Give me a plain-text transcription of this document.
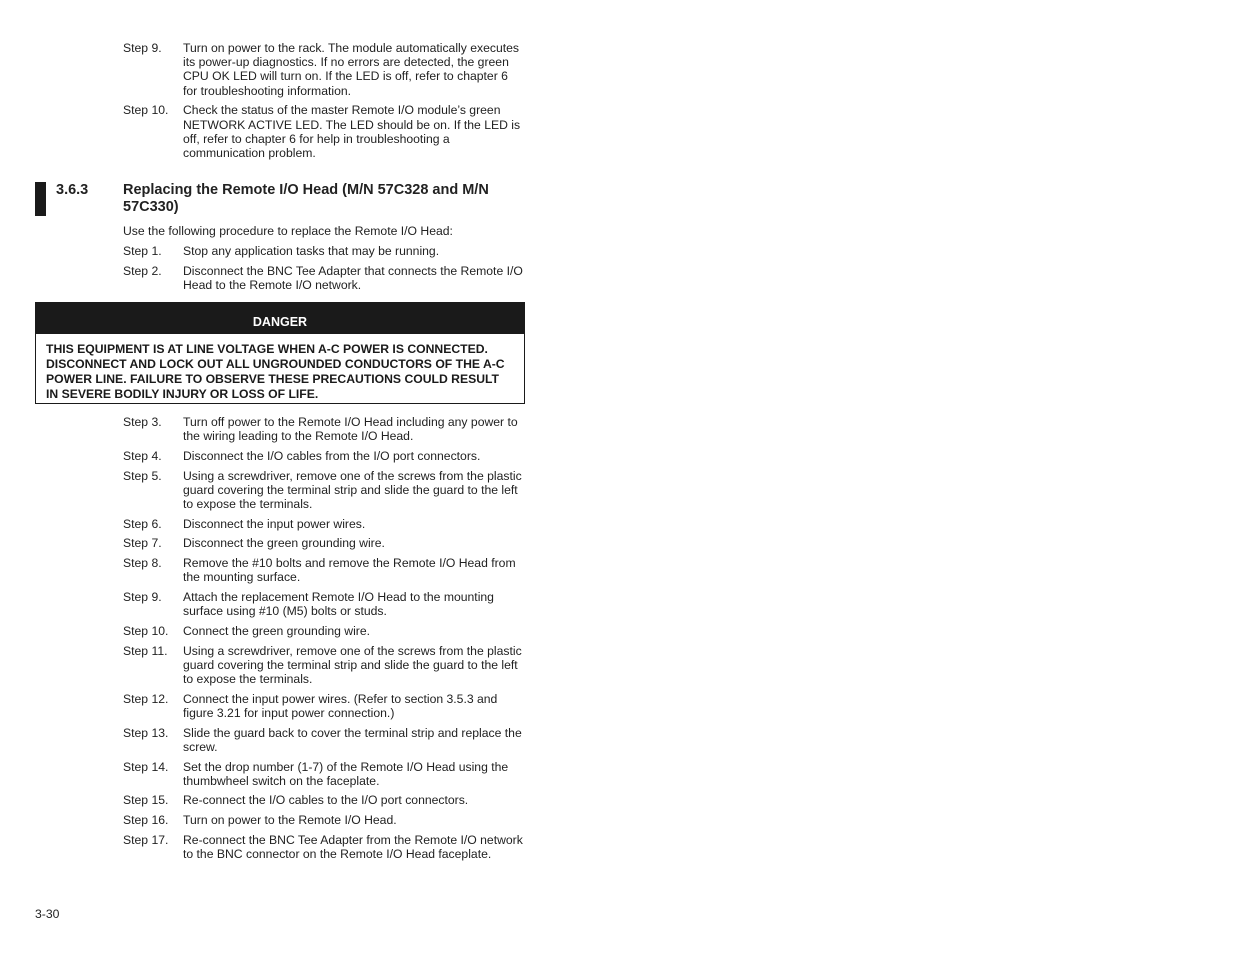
Step 9.	Turn on power to the rack. The module automatically executes its power-up diagnostics. If no errors are detected, the green CPU OK LED will turn on. If the LED is off, refer to chapter 6 for troubleshooting information.
Step 10.	Check the status of the master Remote I/O module’s green NETWORK ACTIVE LED. The LED should be on. If the LED is off, refer to chapter 6 for help in troubleshooting a communication problem.
3.6.3 Replacing the Remote I/O Head (M/N 57C328 and M/N 57C330)
Use the following procedure to replace the Remote I/O Head:
Step 1.	Stop any application tasks that may be running.
Step 2.	Disconnect the BNC Tee Adapter that connects the Remote I/O Head to the Remote I/O network.
DANGER
THIS EQUIPMENT IS AT LINE VOLTAGE WHEN A-C POWER IS CONNECTED. DISCONNECT AND LOCK OUT ALL UNGROUNDED CONDUCTORS OF THE A-C POWER LINE. FAILURE TO OBSERVE THESE PRECAUTIONS COULD RESULT IN SEVERE BODILY INJURY OR LOSS OF LIFE.
Step 3.	Turn off power to the Remote I/O Head including any power to the wiring leading to the Remote I/O Head.
Step 4.	Disconnect the I/O cables from the I/O port connectors.
Step 5.	Using a screwdriver, remove one of the screws from the plastic guard covering the terminal strip and slide the guard to the left to expose the terminals.
Step 6.	Disconnect the input power wires.
Step 7.	Disconnect the green grounding wire.
Step 8.	Remove the #10 bolts and remove the Remote I/O Head from the mounting surface.
Step 9.	Attach the replacement Remote I/O Head to the mounting surface using #10 (M5) bolts or studs.
Step 10.	Connect the green grounding wire.
Step 11.	Using a screwdriver, remove one of the screws from the plastic guard covering the terminal strip and slide the guard to the left to expose the terminals.
Step 12.	Connect the input power wires. (Refer to section 3.5.3 and figure 3.21 for input power connection.)
Step 13.	Slide the guard back to cover the terminal strip and replace the screw.
Step 14.	Set the drop number (1-7) of the Remote I/O Head using the thumbwheel switch on the faceplate.
Step 15.	Re-connect the I/O cables to the I/O port connectors.
Step 16.	Turn on power to the Remote I/O Head.
Step 17.	Re-connect the BNC Tee Adapter from the Remote I/O network to the BNC connector on the Remote I/O Head faceplate.
3-30
